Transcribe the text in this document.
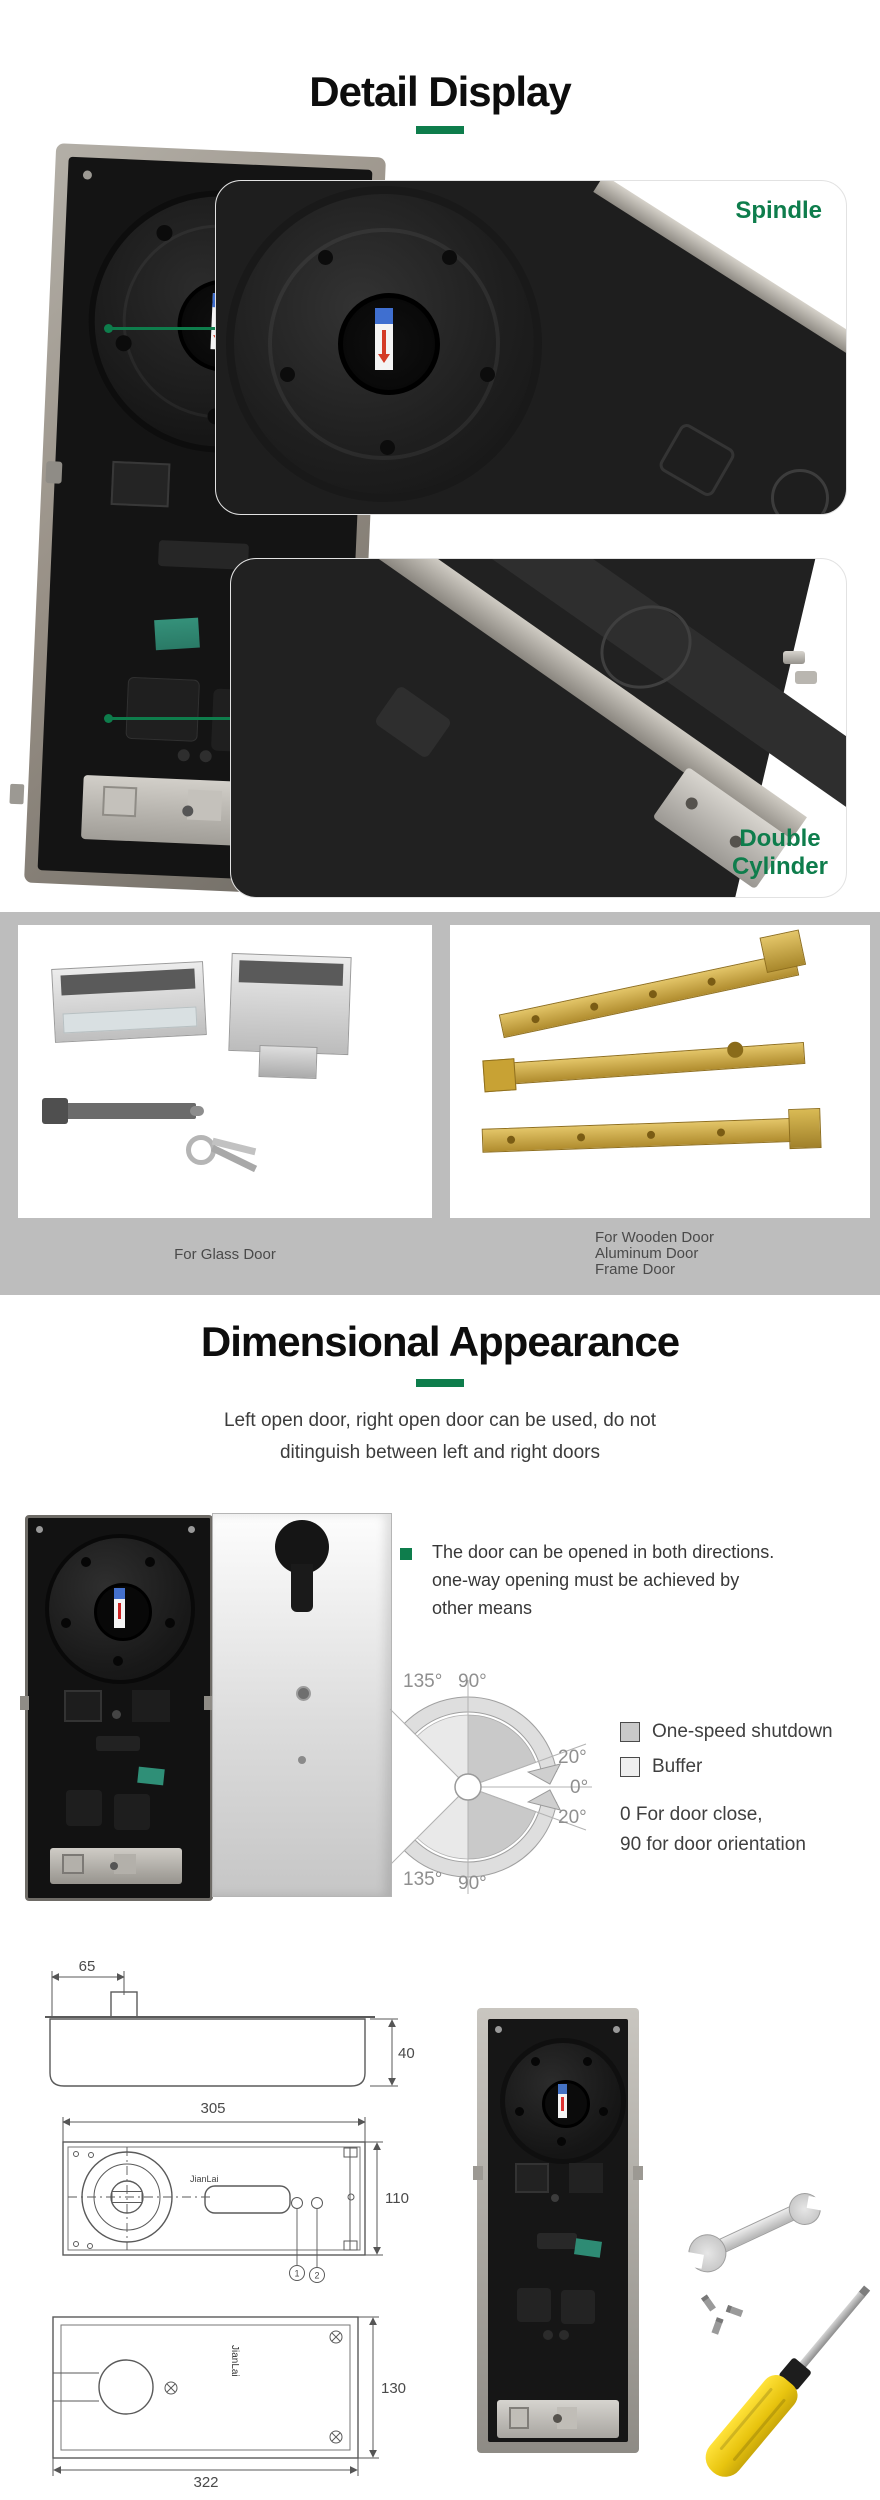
Detail Display
Spindle
Double
Cylinder
For Glass Door
For Wooden Door
Aluminum Door
Frame Door
Dimensional Appearance
Left open door, right open door can be used, do not
ditinguish between left and right doors
The door can be opened in both directions.
one-way opening must be achieved by
other means
135° 90°
20°
0°
20°
135° 90°
One-speed shutdown
Buffer
0 For door close,
90 for door orientation
65
40
305
110
130
322
1 2
JianLai
JianLai
